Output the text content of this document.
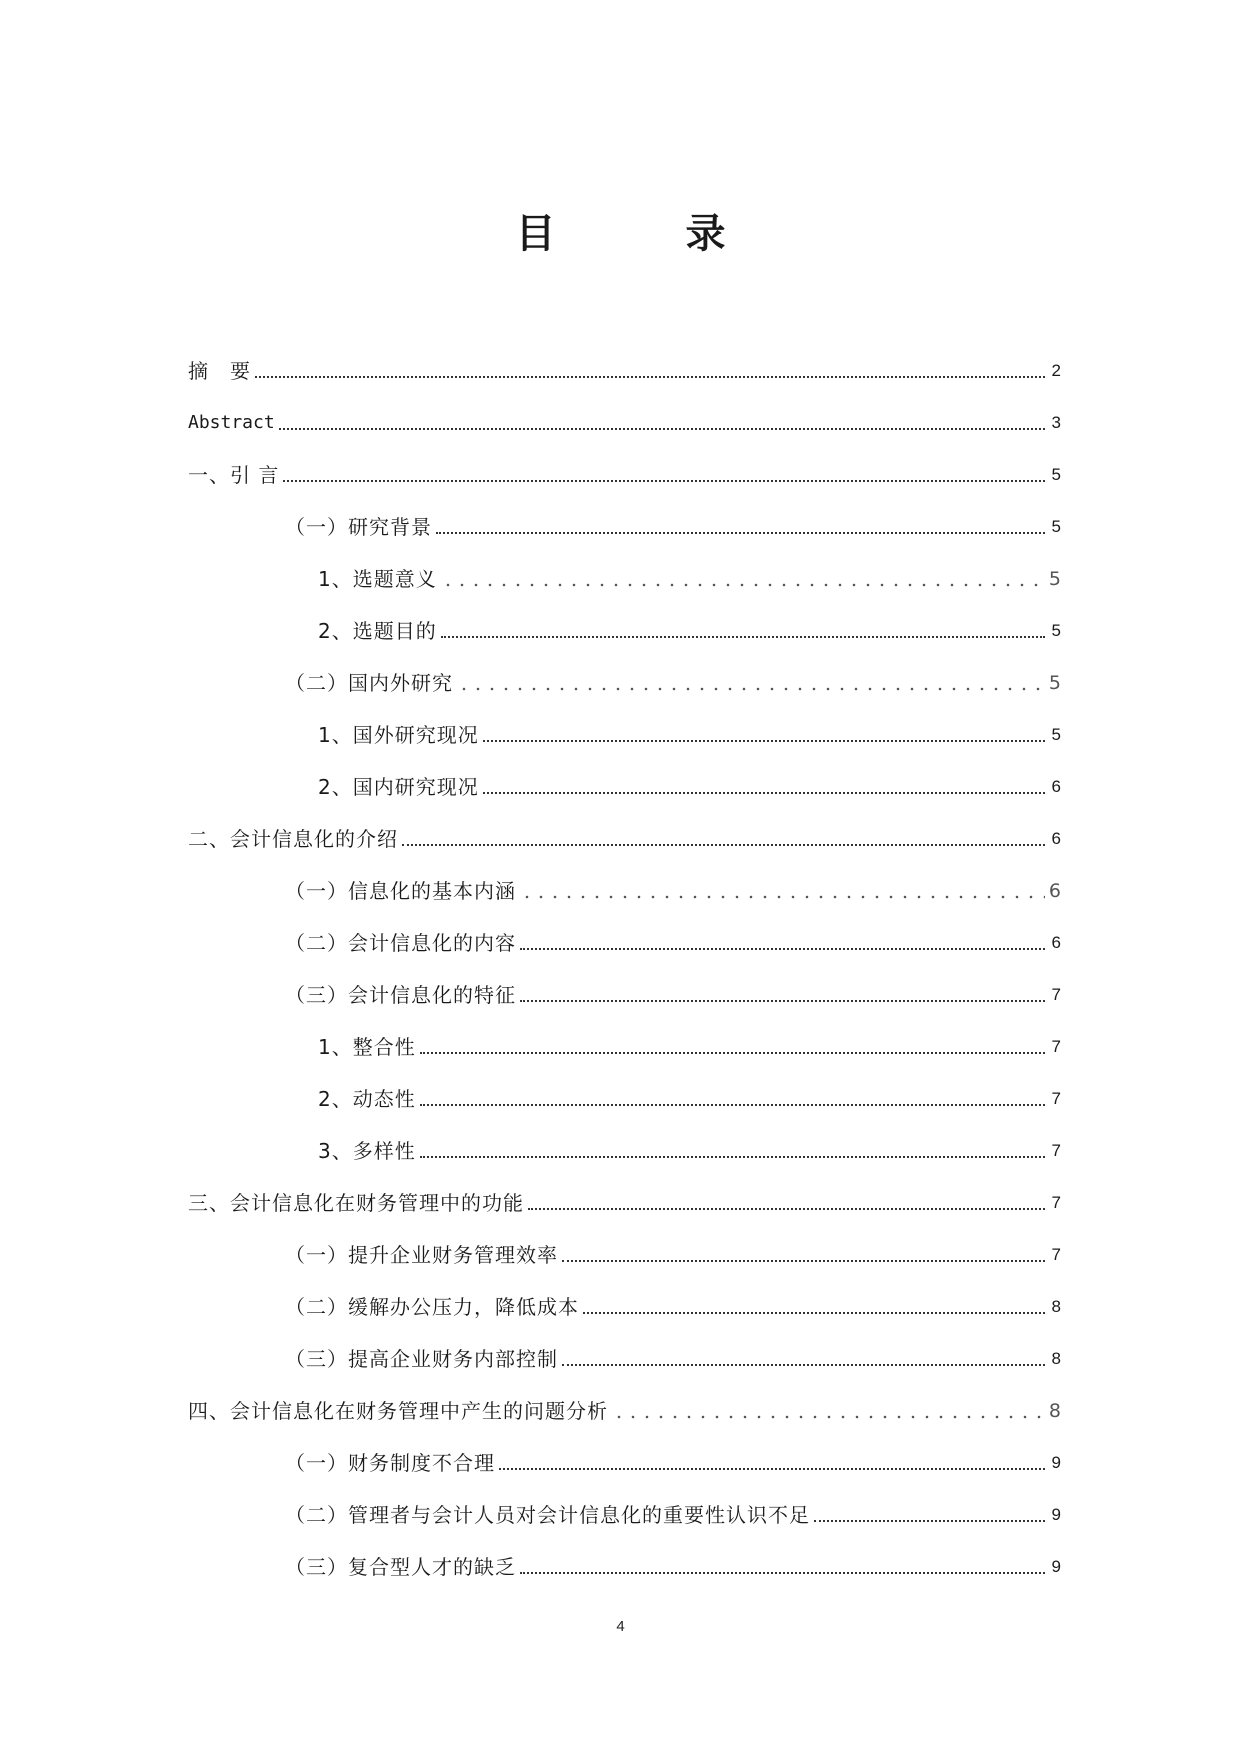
目 录
摘　要	2
Abstract	3
一、引 言	5
（一）研究背景	5
1、选题意义	5
2、选题目的	5
（二）国内外研究	5
1、国外研究现况	5
2、国内研究现况	6
二、会计信息化的介绍	6
（一）信息化的基本内涵	6
（二）会计信息化的内容	6
（三）会计信息化的特征	7
1、整合性	7
2、动态性	7
3、多样性	7
三、会计信息化在财务管理中的功能	7
（一）提升企业财务管理效率	7
（二）缓解办公压力，降低成本	8
（三）提高企业财务内部控制	8
四、会计信息化在财务管理中产生的问题分析	8
（一）财务制度不合理	9
（二）管理者与会计人员对会计信息化的重要性认识不足	9
（三）复合型人才的缺乏	9
4
